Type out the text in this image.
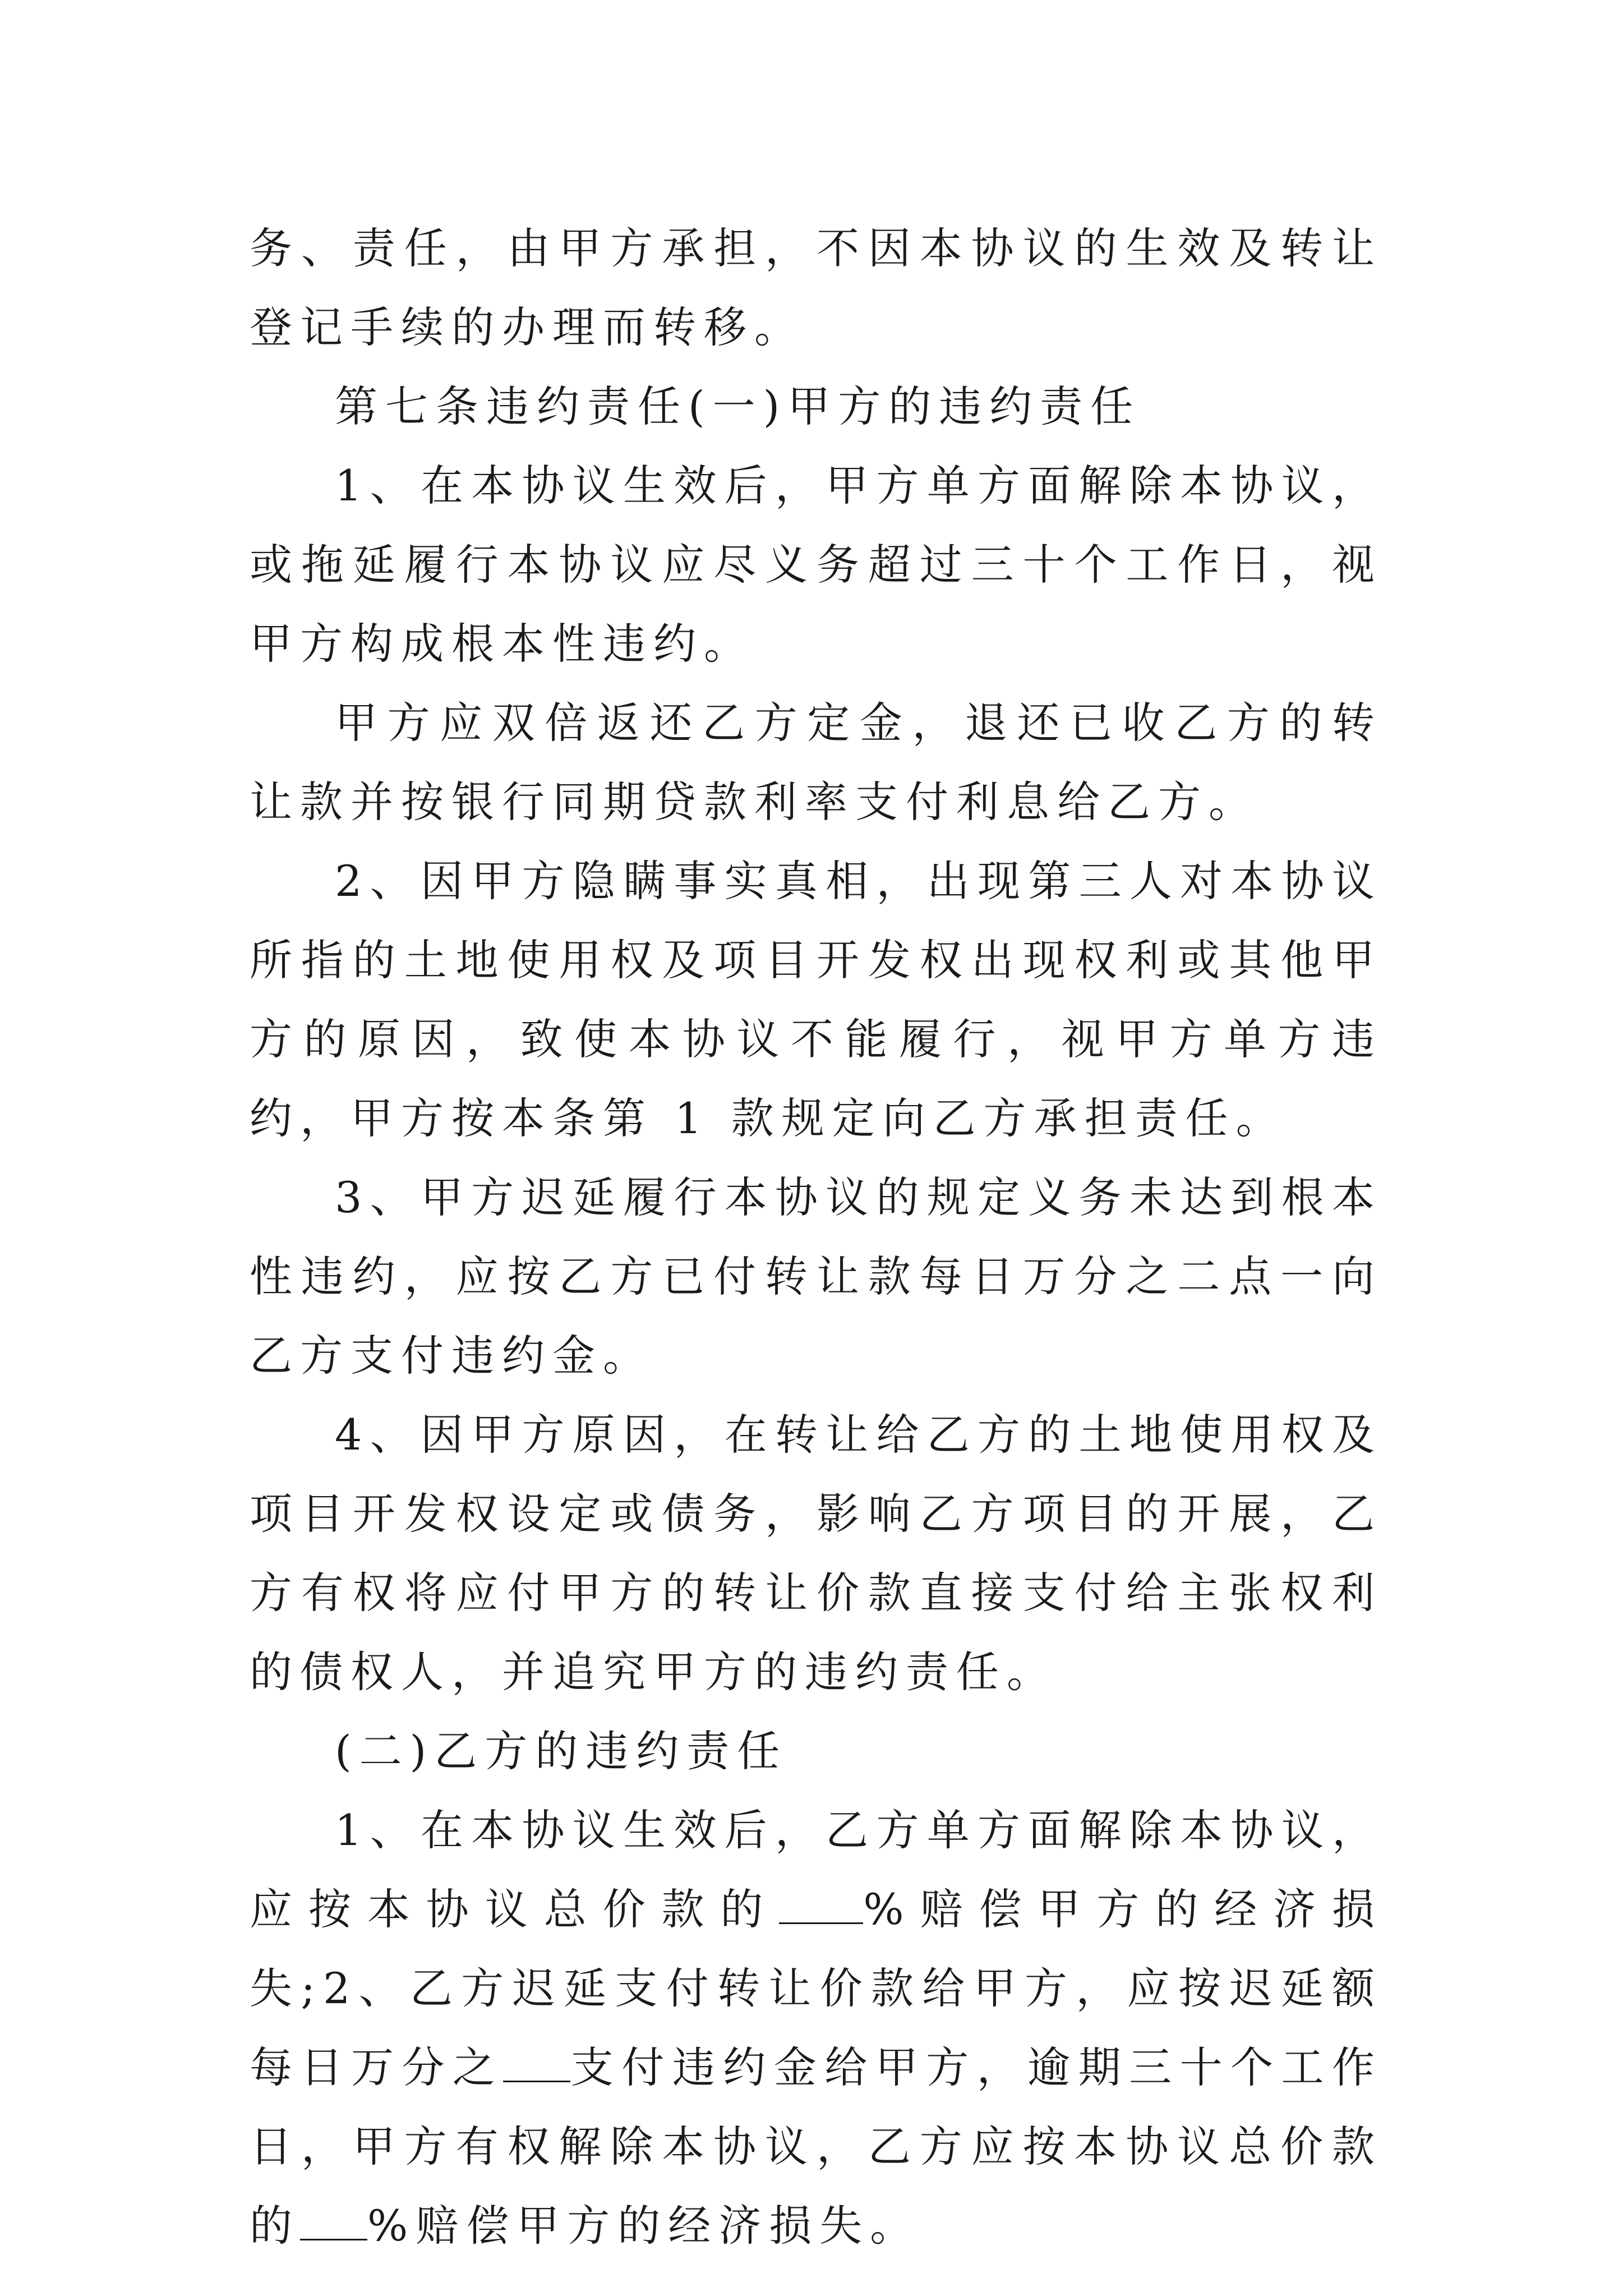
务、责任，由甲方承担，不因本协议的生效及转让登记手续的办理而转移。

第七条违约责任(一)甲方的违约责任

1、在本协议生效后，甲方单方面解除本协议，或拖延履行本协议应尽义务超过三十个工作日，视甲方构成根本性违约。

甲方应双倍返还乙方定金，退还已收乙方的转让款并按银行同期贷款利率支付利息给乙方。

2、因甲方隐瞒事实真相，出现第三人对本协议所指的土地使用权及项目开发权出现权利或其他甲方的原因，致使本协议不能履行，视甲方单方违约，甲方按本条第 1 款规定向乙方承担责任。

3、甲方迟延履行本协议的规定义务未达到根本性违约，应按乙方已付转让款每日万分之二点一向乙方支付违约金。

4、因甲方原因，在转让给乙方的土地使用权及项目开发权设定或债务，影响乙方项目的开展，乙方有权将应付甲方的转让价款直接支付给主张权利的债权人，并追究甲方的违约责任。

(二)乙方的违约责任

1、在本协议生效后，乙方单方面解除本协议，应按本协议总价款的 %赔偿甲方的经济损失;2、乙方迟延支付转让价款给甲方，应按迟延额每日万分之 支付违约金给甲方，逾期三十个工作日，甲方有权解除本协议，乙方应按本协议总价款的 %赔偿甲方的经济损失。
